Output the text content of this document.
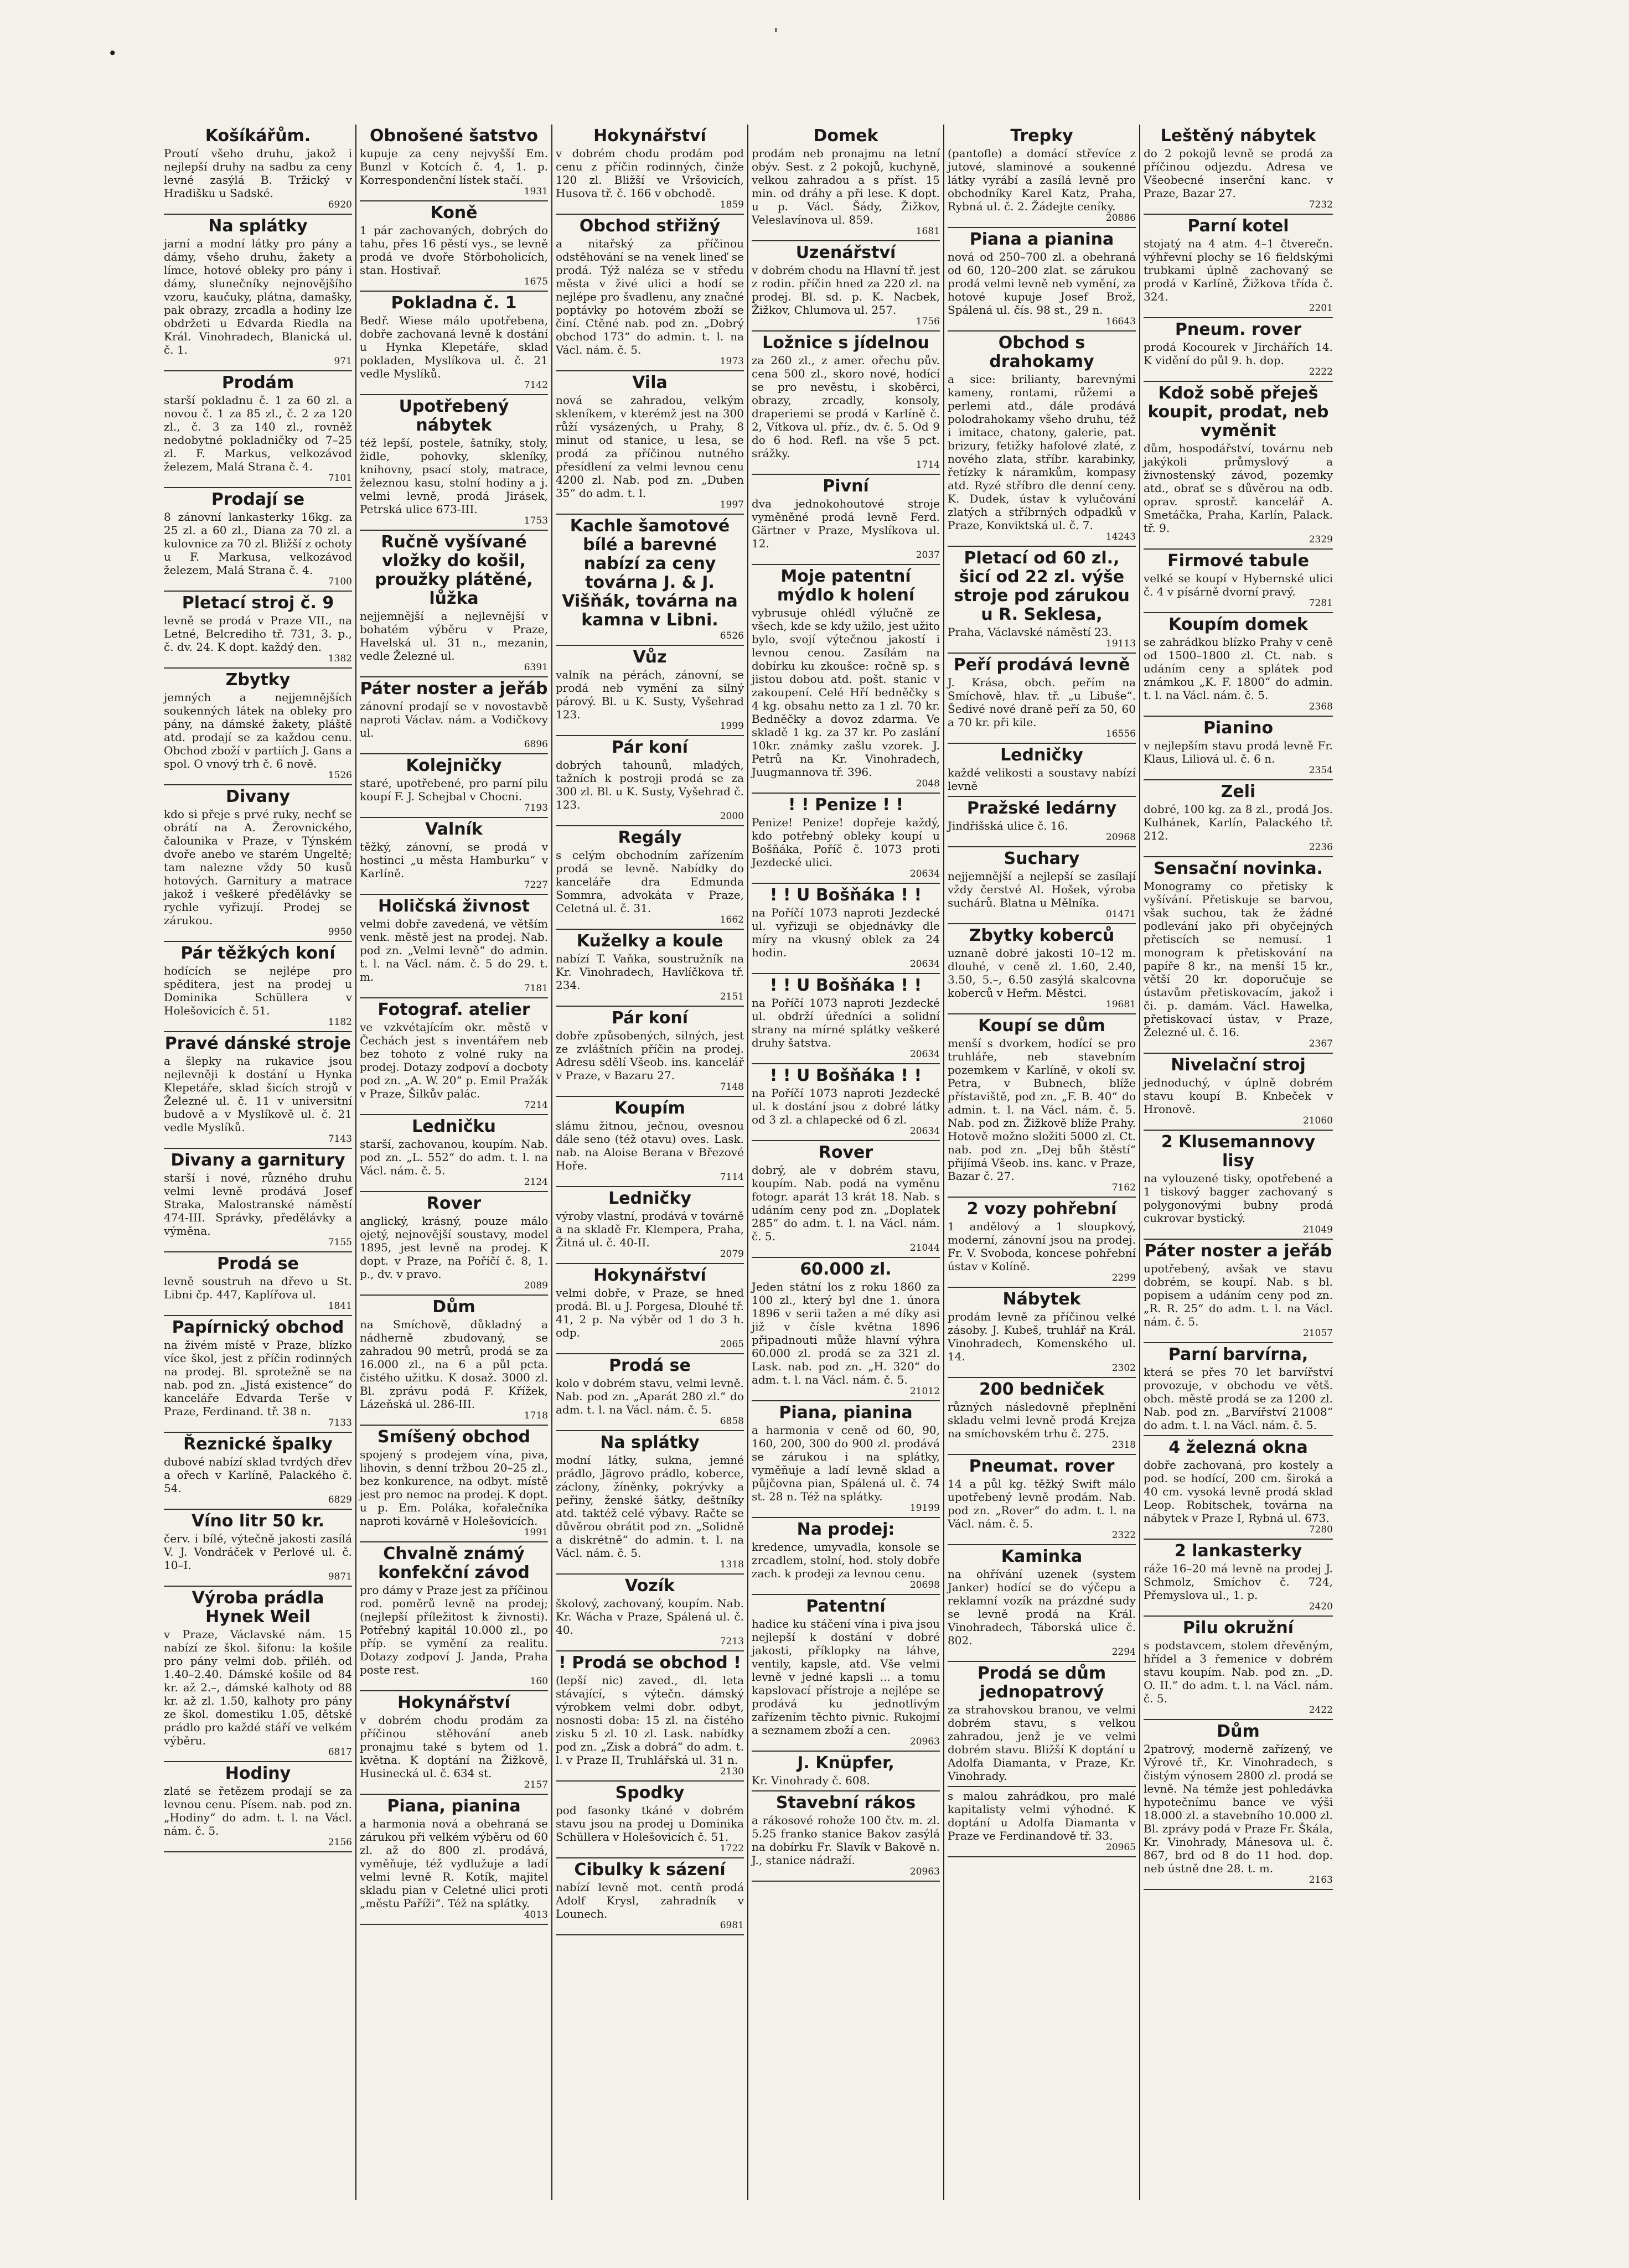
•
'
Košíkářům.
Proutí všeho druhu, jakož i nejlepší druhy na sadbu za ceny levné zasýlá B. Tržický v Hradišku u Sadské.
6920
Na splátky
jarní a modní látky pro pány a dámy, všeho druhu, žakety a límce, hotové obleky pro pány i dámy, slunečníky nejnovějšího vzoru, kaučuky, plátna, damašky, pak obrazy, zrcadla a hodiny lze obdržeti u Edvarda Riedla na Král. Vinohradech, Blanická ul. č. 1.
971
Prodám
starší pokladnu č. 1 za 60 zl. a novou č. 1 za 85 zl., č. 2 za 120 zl., č. 3 za 140 zl., rovněž nedobytné pokladničky od 7–25 zl. F. Markus, velkozávod železem, Malá Strana č. 4.
7101
Prodají se
8 zánovní lankasterky 16kg. za 25 zl. a 60 zl., Diana za 70 zl. a kulovnice za 70 zl. Bližší z ochoty u F. Markusa, velkozávod železem, Malá Strana č. 4.
7100
Pletací stroj č. 9
levně se prodá v Praze VII., na Letné, Belcrediho tř. 731, 3. p., č. dv. 24. K dopt. každý den.
1382
Zbytky
jemných a nejjemnějších soukenných látek na obleky pro pány, na dámské žakety, pláště atd. prodají se za každou cenu. Obchod zboží v partiích J. Gans a spol. O vnový trh č. 6 nově.
1526
Divany
kdo si přeje s prvé ruky, nechť se obrátí na A. Žerovnického, čalounika v Praze, v Týnském dvoře anebo ve starém Ungeltě; tam nalezne vždy 50 kusů hotových. Garnitury a matrace jakož i veškeré předělávky se rychle vyřizují. Prodej se zárukou.
9950
Pár těžkých koní
hodících se nejlépe pro spěditera, jest na prodej u Dominika Schüllera v Holešovicích č. 51.
1182
Pravé dánské stroje
a šlepky na rukavice jsou nejlevněji k dostání u Hynka Klepetáře, sklad šicích strojů v Železné ul. č. 11 v universitní budově a v Myslíkově ul. č. 21 vedle Myslíků.
7143
Divany a garnitury
starší i nové, různého druhu velmi levně prodává Josef Straka, Malostranské náměstí 474-III. Správky, předělávky a výměna.
7155
Prodá se
levně soustruh na dřevo u St. Libni čp. 447, Kaplířova ul.
1841
Papírnický obchod
na živém místě v Praze, blízko více škol, jest z příčin rodinných na prodej. Bl. sprotežně se na nab. pod zn. „Jistá existence“ do kanceláře Edvarda Terše v Praze, Ferdinand. tř. 38 n.
7133
Řeznické špalky
dubové nabízí sklad tvrdých dřev a ořech v Karlíně, Palackého č. 54.
6829
Víno litr 50 kr.
červ. i bílé, výtečně jakosti zasílá V. J. Vondráček v Perlové ul. č. 10–I.
9871
Výroba prádla Hynek Weil
v Praze, Václavské nám. 15 nabízí ze škol. šifonu: la košile pro pány velmi dob. přiléh. od 1.40–2.40. Dámské košile od 84 kr. až 2.–, dámské kalhoty od 88 kr. až zl. 1.50, kalhoty pro pány ze škol. domestiku 1.05, dětské prádlo pro každé stáří ve velkém výběru.
6817
Hodiny
zlaté se řetězem prodají se za levnou cenu. Písem. nab. pod zn. „Hodiny“ do adm. t. l. na Václ. nám. č. 5.
2156
Obnošené šatstvo
kupuje za ceny nejvyšší Em. Bunzl v Kotcích č. 4, 1. p. Korrespondenční lístek stačí.
1931
Koně
1 pár zachovaných, dobrých do tahu, přes 16 pěstí vys., se levně prodá ve dvoře Störboholicích, stan. Hostivař.
1675
Pokladna č. 1
Bedř. Wiese málo upotřebena, dobře zachovaná levně k dostání u Hynka Klepetáře, sklad pokladen, Myslíkova ul. č. 21 vedle Myslíků.
7142
Upotřebený nábytek
též lepší, postele, šatníky, stoly, židle, pohovky, skleníky, knihovny, psací stoly, matrace, železnou kasu, stolní hodiny a j. velmi levně, prodá Jirásek, Petrská ulice 673-III.
1753
Ručně vyšívané vložky do košil, proužky plátěné, lůžka
nejjemnější a nejlevnější v bohatém výběru v Praze, Havelská ul. 31 n., mezanin, vedle Železné ul.
6391
Páter noster a jeřáb
zánovní prodají se v novostavbě naproti Václav. nám. a Vodičkovy ul.
6896
Kolejničky
staré, upotřebené, pro parní pilu koupí F. J. Schejbal v Chocni.
7193
Valník
těžký, zánovní, se prodá v hostinci „u města Hamburku“ v Karlíně.
7227
Holičská živnost
velmi dobře zavedená, ve větším venk. městě jest na prodej. Nab. pod zn. „Velmi levně“ do admin. t. l. na Václ. nám. č. 5 do 29. t. m.
7181
Fotograf. atelier
ve vzkvétajícím okr. městě v Čechách jest s inventářem neb bez tohoto z volné ruky na prodej. Dotazy zodpoví a docboty pod zn. „A. W. 20“ p. Emil Pražák v Praze, Šilkův palác.
7214
Ledničku
starší, zachovanou, koupím. Nab. pod zn. „L. 552“ do adm. t. l. na Václ. nám. č. 5.
2124
Rover
anglický, krásný, pouze málo ojetý, nejnovější soustavy, model 1895, jest levně na prodej. K dopt. v Praze, na Poříčí č. 8, 1. p., dv. v pravo.
2089
Dům
na Smíchově, důkladný a nádherně zbudovaný, se zahradou 90 metrů, prodá se za 16.000 zl., na 6 a půl pcta. čistého užitku. K dosaž. 3000 zl. Bl. zprávu podá F. Křížek, Lázeňská ul. 286-III.
1718
Smíšený obchod
spojený s prodejem vína, piva, lihovin, s denní tržbou 20–25 zl., bez konkurence, na odbyt. místě jest pro nemoc na prodej. K dopt. u p. Em. Poláka, kořalečníka naproti kovárně v Holešovicích.
1991
Chvalně známý konfekční závod
pro dámy v Praze jest za příčinou rod. poměrů levně na prodej; (nejlepší příležitost k živnosti). Potřebný kapitál 10.000 zl., po příp. se vymění za realitu. Dotazy zodpoví J. Janda, Praha poste rest.
160
Hokynářství
v dobrém chodu prodám za příčinou stěhování aneb pronajmu také s bytem od 1. května. K doptání na Žižkově, Husinecká ul. č. 634 st.
2157
Piana, pianina
a harmonia nová a obehraná se zárukou při velkém výběru od 60 zl. až do 800 zl. prodává, vyměňuje, též vydlužuje a ladí velmi levně R. Kotík, majitel skladu pian v Celetné ulici proti „městu Paříži“. Též na splátky.
4013
Hokynářství
v dobrém chodu prodám pod cenu z příčin rodinných, činže 120 zl. Bližší ve Vršovicích, Husova tř. č. 166 v obchodě.
1859
Obchod střižný
a nitařský za příčinou odstěhování se na venek lineď se prodá. Týž naléza se v středu města v živé ulici a hodí se nejlépe pro švadlenu, any značné poptávky po hotovém zboží se činí. Ctěné nab. pod zn. „Dobrý obchod 173“ do admin. t. l. na Václ. nám. č. 5.
1973
Vila
nová se zahradou, velkým skleníkem, v kterémž jest na 300 růží vysázených, u Prahy, 8 minut od stanice, u lesa, se prodá za příčinou nutného přesídlení za velmi levnou cenu 4200 zl. Nab. pod zn. „Duben 35“ do adm. t. l.
1997
Kachle šamotové bílé a barevné nabízí za ceny továrna J. & J. Višňák, továrna na kamna v Libni.
6526
Vůz
valník na pérách, zánovní, se prodá neb vymění za silný párový. Bl. u K. Susty, Vyšehrad 123.
1999
Pár koní
dobrých tahounů, mladých, tažních k postroji prodá se za 300 zl. Bl. u K. Susty, Vyšehrad č. 123.
2000
Regály
s celým obchodním zařízením prodá se levně. Nabídky do kanceláře dra Edmunda Sommra, advokáta v Praze, Celetná ul. č. 31.
1662
Kuželky a koule
nabízí T. Vaňka, soustružník na Kr. Vinohradech, Havlíčkova tř. 234.
2151
Pár koní
dobře způsobených, silných, jest ze zvláštních příčin na prodej. Adresu sdělí Všeob. ins. kancelář v Praze, v Bazaru 27.
7148
Koupím
slámu žitnou, ječnou, ovesnou dále seno (též otavu) oves. Lask. nab. na Aloise Berana v Březové Hoře.
7114
Ledničky
výroby vlastní, prodává v továrně a na skladě Fr. Klempera, Praha, Žitná ul. č. 40-II.
2079
Hokynářství
velmi dobře, v Praze, se hned prodá. Bl. u J. Porgesa, Dlouhé tř. 41, 2 p. Na výběr od 1 do 3 h. odp.
2065
Prodá se
kolo v dobrém stavu, velmi levně. Nab. pod zn. „Aparát 280 zl.“ do adm. t. l. na Václ. nám. č. 5.
6858
Na splátky
modní látky, sukna, jemné prádlo, Jägrovo prádlo, koberce, záclony, žíněnky, pokrývky a peřiny, ženské šátky, deštníky atd. taktéž celé výbavy. Račte se důvěrou obrátit pod zn. „Solidně a diskrétně“ do admin. t. l. na Václ. nám. č. 5.
1318
Vozík
školový, zachovaný, koupím. Nab. Kr. Wácha v Praze, Spálená ul. č. 40.
7213
! Prodá se obchod !
(lepší nic) zaved., dl. leta stávající, s výtečn. dámský výrobkem velmi dobr. odbyt, nosnosti doba: 15 zl. na čistého zisku 5 zl. 10 zl. Lask. nabídky pod zn. „Zisk a dobrá“ do adm. t. l. v Praze II, Truhlářská ul. 31 n.
2130
Spodky
pod fasonky tkáné v dobrém stavu jsou na prodej u Dominika Schüllera v Holešovicích č. 51.
1722
Cibulky k sázení
nabízí levně mot. centň prodá Adolf Krysl, zahradník v Lounech.
6981
Domek
prodám neb pronajmu na letní obýv. Sest. z 2 pokojů, kuchyně, velkou zahradou a s příst. 15 min. od dráhy a při lese. K dopt. u p. Václ. Šády, Žižkov, Veleslavínova ul. 859.
1681
Uzenářství
v dobrém chodu na Hlavní tř. jest z rodin. příčin hned za 220 zl. na prodej. Bl. sd. p. K. Nacbek, Žižkov, Chlumova ul. 257.
1756
Ložnice s jídelnou
za 260 zl., z amer. ořechu pův. cena 500 zl., skoro nové, hodící se pro nevěstu, i skoběrci, obrazy, zrcadly, konsoly, draperiemi se prodá v Karlíně č. 2, Vítkova ul. příz., dv. č. 5. Od 9 do 6 hod. Refl. na vše 5 pct. srážky.
1714
Pivní
dva jednokohoutové stroje vyměněné prodá levně Ferd. Gärtner v Praze, Myslíkova ul. 12.
2037
Moje patentní mýdlo k holení
vybrusuje ohlédl výlučně ze všech, kde se kdy užilo, jest užito bylo, svojí výtečnou jakostí i levnou cenou. Zasílám na dobírku ku zkoušce: ročně sp. s jistou dobou atd. pošt. stanic v zakoupení. Celé Hří bedněčky s 4 kg. obsahu netto za 1 zl. 70 kr. Bedněčky a dovoz zdarma. Ve skladě 1 kg. za 37 kr. Po zaslání 10kr. známky zašlu vzorek. J. Petrů na Kr. Vinohradech, Juugmannova tř. 396.
2048
! ! Penize ! !
Penize! Penize! dopřeje každý, kdo potřebný obleky koupí u Bošňáka, Poříč č. 1073 proti Jezdecké ulici.
20634
! ! U Bošňáka ! !
na Poříčí 1073 naproti Jezdecké ul. vyřizuji se objednávky dle míry na vkusný oblek za 24 hodin.
20634
! ! U Bošňáka ! !
na Poříčí 1073 naproti Jezdecké ul. obdrží úředníci a solidní strany na mírné splátky veškeré druhy šatstva.
20634
! ! U Bošňáka ! !
na Poříčí 1073 naproti Jezdecké ul. k dostání jsou z dobré látky od 3 zl. a chlapecké od 6 zl.
20634
Rover
dobrý, ale v dobrém stavu, koupím. Nab. podá na vyměnu fotogr. aparát 13 krát 18. Nab. s udáním ceny pod zn. „Doplatek 285“ do adm. t. l. na Václ. nám. č. 5.
21044
60.000 zl.
Jeden státní los z roku 1860 za 100 zl., který byl dne 1. února 1896 v serii tažen a mé díky asi již v čísle května 1896 připadnouti může hlavní výhra 60.000 zl. prodá se za 321 zl. Lask. nab. pod zn. „H. 320“ do adm. t. l. na Václ. nám. č. 5.
21012
Piana, pianina
a harmonia v ceně od 60, 90, 160, 200, 300 do 900 zl. prodává se zárukou i na splátky, vyměňuje a ladí levně sklad a půjčovna pian, Spálená ul. č. 74 st. 28 n. Též na splátky.
19199
Na prodej:
kredence, umyvadla, konsole se zrcadlem, stolní, hod. stoly dobře zach. k prodeji za levnou cenu.
20698
Patentní
hadice ku stáčení vína i piva jsou nejlepší k dostání v dobré jakosti, příklopky na láhve, ventily, kapsle, atd. Vše velmi levně v jedné kapsli ... a tomu kapslovací přístroje a nejlépe se prodává ku jednotlivým zařízením těchto pivnic. Rukojmí a seznamem zboží a cen.
20963
J. Knüpfer,
Kr. Vinohrady č. 608.
Stavební rákos
a rákosové rohože 100 čtv. m. zl. 5.25 franko stanice Bakov zasýlá na dobírku Fr. Slavík v Bakově n. J., stanice nádraží.
20963
Trepky
(pantofle) a domácí střevíce z jutové, slaminové a soukenné látky vyrábí a zasílá levně pro obchodníky Karel Katz, Praha, Rybná ul. č. 2. Žádejte ceníky.
20886
Piana a pianina
nová od 250–700 zl. a obehraná od 60, 120–200 zlat. se zárukou prodá velmi levně neb vymění, za hotové kupuje Josef Brož, Spálená ul. čís. 98 st., 29 n.
16643
Obchod s drahokamy
a sice: brilianty, barevnými kameny, rontami, růžemi a perlemi atd., dále prodává polodrahokamy všeho druhu, též i imitace, chatony, galerie, pat. brizury, fetižky hafolové zlaté, z nového zlata, stříbr. karabinky, řetízky k náramkům, kompasy atd. Ryzé stříbro dle denní ceny. K. Dudek, ústav k vylučování zlatých a stříbrných odpadků v Praze, Konviktská ul. č. 7.
14243
Pletací od 60 zl., šicí od 22 zl. výše stroje pod zárukou u R. Seklesa,
Praha, Václavské náměstí 23.
19113
Peří prodává levně
J. Krása, obch. peřím na Smíchově, hlav. tř. „u Libuše“. Šedivé nové draně peří za 50, 60 a 70 kr. při kile.
16556
Ledničky
každé velikosti a soustavy nabízí levně
Pražské ledárny
Jindřišská ulice č. 16.
20968
Suchary
nejjemnější a nejlepší se zasílají vždy čerstvé Al. Hošek, výroba suchárů. Blatna u Mělníka.
01471
Zbytky koberců
uznaně dobré jakosti 10–12 m. dlouhé, v ceně zl. 1.60, 2.40, 3.50, 5.–, 6.50 zasýlá skalcovna koberců v Heřm. Městci.
19681
Koupí se dům
menší s dvorkem, hodící se pro truhláře, neb stavebním pozemkem v Karlíně, v okolí sv. Petra, v Bubnech, blíže přístaviště, pod zn. „F. B. 40“ do admin. t. l. na Václ. nám. č. 5. Nab. pod zn. Žižkově blíže Prahy. Hotově možno složiti 5000 zl. Ct. nab. pod zn. „Dej bůh štěstí“ přijímá Všeob. ins. kanc. v Praze, Bazar č. 27.
7162
2 vozy pohřební
1 andělový a 1 sloupkový, moderní, zánovní jsou na prodej. Fr. V. Svoboda, koncese pohřební ústav v Kolíně.
2299
Nábytek
prodám levně za příčinou velké zásoby. J. Kubeš, truhlář na Král. Vinohradech, Komenského ul. 14.
2302
200 bedniček
různých následovně přeplnění skladu velmi levně prodá Krejza na smíchovském trhu č. 275.
2318
Pneumat. rover
14 a půl kg. těžký Swift málo upotřebený levně prodám. Nab. pod zn. „Rover“ do adm. t. l. na Václ. nám. č. 5.
2322
Kaminka
na ohřívání uzenek (system Janker) hodící se do výčepu a reklamní vozík na prázdné sudy se levně prodá na Král. Vinohradech, Táborská ulice č. 802.
2294
Prodá se dům jednopatrový
za strahovskou branou, ve velmi dobrém stavu, s velkou zahradou, jenž je ve velmi dobrém stavu. Bližší K doptání u Adolfa Diamanta, v Praze, Kr. Vinohrady.
s malou zahrádkou, pro malé kapitalisty velmi výhodné. K doptání u Adolfa Diamanta v Praze ve Ferdinandově tř. 33.
20965
Leštěný nábytek
do 2 pokojů levně se prodá za příčinou odjezdu. Adresa ve Všeobecné inserční kanc. v Praze, Bazar 27.
7232
Parní kotel
stojatý na 4 atm. 4–1 čtverečn. výhřevní plochy se 16 fieldskými trubkami úplně zachovaný se prodá v Karlíně, Žižkova třída č. 324.
2201
Pneum. rover
prodá Kocourek v Jirchářích 14. K vidění do půl 9. h. dop.
2222
Kdož sobě přeješ koupit, prodat, neb vyměnit
dům, hospodářství, továrnu neb jakýkoli průmyslový a živnostenský závod, pozemky atd., obrať se s důvěrou na odb. oprav. sprostř. kancelář A. Smetáčka, Praha, Karlín, Palack. tř. 9.
2329
Firmové tabule
velké se koupí v Hybernské ulici č. 4 v písárně dvorní pravý.
7281
Koupím domek
se zahrádkou blízko Prahy v ceně od 1500–1800 zl. Ct. nab. s udáním ceny a splátek pod známkou „K. F. 1800“ do admin. t. l. na Václ. nám. č. 5.
2368
Pianino
v nejlepším stavu prodá levně Fr. Klaus, Liliová ul. č. 6 n.
2354
Zeli
dobré, 100 kg. za 8 zl., prodá Jos. Kulhánek, Karlín, Palackého tř. 212.
2236
Sensační novinka.
Monogramy co přetisky k vyšívání. Přetiskuje se barvou, však suchou, tak že žádné podlevání jako při obyčejných přetiscích se nemusí. 1 monogram k přetiskování na papíře 8 kr., na menší 15 kr., větší 20 kr. doporučuje se ústavům přetiskovacím, jakož i či. p. damám. Václ. Hawelka, přetiskovací ústav, v Praze, Železné ul. č. 16.
2367
Nivelační stroj
jednoduchý, v úplně dobrém stavu koupí B. Knbeček v Hronově.
21060
2 Klusemannovy lisy
na vylouzené tisky, opotřebené a 1 tiskový bagger zachovaný s polygonovými bubny prodá cukrovar bystický.
21049
Páter noster a jeřáb
upotřebený, avšak ve stavu dobrém, se koupí. Nab. s bl. popisem a udáním ceny pod zn. „R. R. 25“ do adm. t. l. na Václ. nám. č. 5.
21057
Parní barvírna,
která se přes 70 let barvířství provozuje, v obchodu ve větš. obch. městě prodá se za 1200 zl. Nab. pod zn. „Barvířství 21008“ do adm. t. l. na Václ. nám. č. 5.
4 železná okna
dobře zachovaná, pro kostely a pod. se hodící, 200 cm. široká a 40 cm. vysoká levně prodá sklad Leop. Robitschek, továrna na nábytek v Praze I, Rybná ul. 673.
7280
2 lankasterky
ráže 16–20 má levně na prodej J. Schmolz, Smíchov č. 724, Přemyslova ul., 1. p.
2420
Pilu okružní
s podstavcem, stolem dřevěným, hřídel a 3 řemenice v dobrém stavu koupím. Nab. pod zn. „D. O. II.“ do adm. t. l. na Václ. nám. č. 5.
2422
Dům
2patrový, moderně zařízený, ve Výrové tř., Kr. Vinohradech, s čistým výnosem 2800 zl. prodá se levně. Na témže jest pohledávka hypotečnímu bance ve výši 18.000 zl. a stavebního 10.000 zl. Bl. zprávy podá v Praze Fr. Škála, Kr. Vinohrady, Mánesova ul. č. 867, brd od 8 do 11 hod. dop. neb ústně dne 28. t. m.
2163
